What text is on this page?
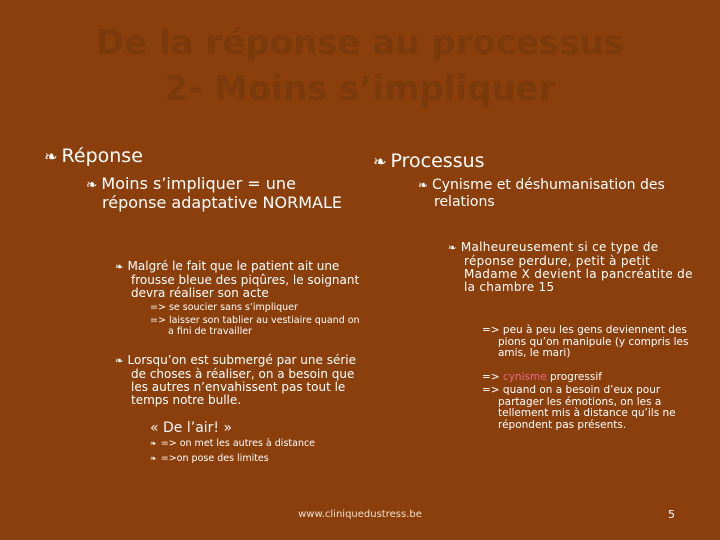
De la réponse au processus
2- Moins s’impliquer
❧ Réponse
❧ Moins s’impliquer = une réponse adaptative NORMALE
❧ Malgré le fait que le patient ait une frousse bleue des piqûres, le soignant devra réaliser son acte
=> se soucier sans s’impliquer
=> laisser son tablier au vestiaire quand on a fini de travailler
❧ Lorsqu’on est submergé par une série de choses à réaliser, on a besoin que les autres n’envahissent pas tout le temps notre bulle.
« De l’air! »
❧ => on met les autres à distance
❧ =>on pose des limites
❧ Processus
❧ Cynisme et déshumanisation des relations
❧ Malheureusement si ce type de réponse perdure, petit à petit Madame X devient la pancréatite de la chambre 15
=> peu à peu les gens deviennent des pions qu’on manipule (y compris les amis, le mari)
=> cynisme progressif
=> quand on a besoin d’eux pour partager les émotions, on les a tellement mis à distance qu’ils ne répondent pas présents.
www.cliniquedustress.be	5
